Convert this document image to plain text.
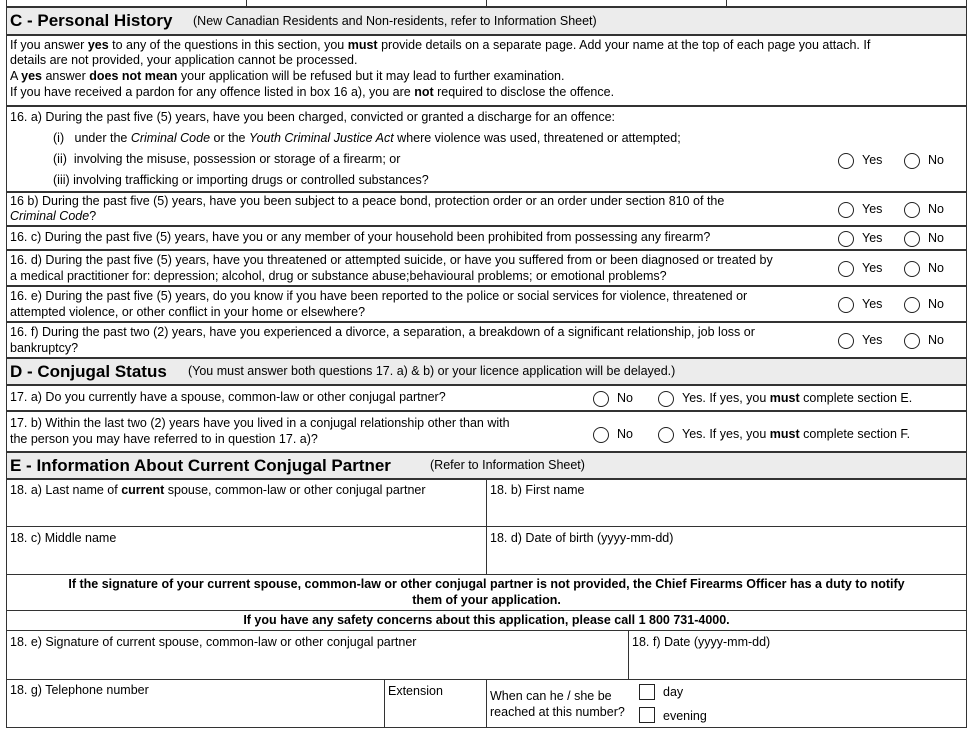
C - Personal History (New Canadian Residents and Non-residents, refer to Information Sheet)
If you answer yes to any of the questions in this section, you must provide details on a separate page. Add your name at the top of each page you attach. If
details are not provided, your application cannot be processed.
A yes answer does not mean your application will be refused but it may lead to further examination.
If you have received a pardon for any offence listed in box 16 a), you are not required to disclose the offence.
16. a) During the past five (5) years, have you been charged, convicted or granted a discharge for an offence:
(i) under the Criminal Code or the Youth Criminal Justice Act where violence was used, threatened or attempted;
(ii) involving the misuse, possession or storage of a firearm; or
(iii) involving trafficking or importing drugs or controlled substances?
Yes	No
16 b) During the past five (5) years, have you been subject to a peace bond, protection order or an order under section 810 of the
Criminal Code?	Yes	No
16. c) During the past five (5) years, have you or any member of your household been prohibited from possessing any firearm?	Yes	No
16. d) During the past five (5) years, have you threatened or attempted suicide, or have you suffered from or been diagnosed or treated by
a medical practitioner for: depression; alcohol, drug or substance abuse;behavioural problems; or emotional problems?
Yes	No
16. e) During the past five (5) years, do you know if you have been reported to the police or social services for violence, threatened or
attempted violence, or other conflict in your home or elsewhere?
Yes	No
16. f) During the past two (2) years, have you experienced a divorce, a separation, a breakdown of a significant relationship, job loss or
bankruptcy?
Yes	No
D - Conjugal Status (You must answer both questions 17. a) & b) or your licence application will be delayed.)
17. a) Do you currently have a spouse, common-law or other conjugal partner?	No	Yes. If yes, you must complete section E.
17. b) Within the last two (2) years have you lived in a conjugal relationship other than with
the person you may have referred to in question 17. a)?	No	Yes. If yes, you must complete section F.
E - Information About Current Conjugal Partner	(Refer to Information Sheet)
18. a) Last name of current spouse, common-law or other conjugal partner	18. b) First name
18. c) Middle name	18. d) Date of birth (yyyy-mm-dd)
If the signature of your current spouse, common-law or other conjugal partner is not provided, the Chief Firearms Officer has a duty to notify
them of your application.
If you have any safety concerns about this application, please call 1 800 731-4000.
18. e) Signature of current spouse, common-law or other conjugal partner	18. f) Date (yyyy-mm-dd)
18. g) Telephone number	Extension	When can he / she be
reached at this number?
day
evening
